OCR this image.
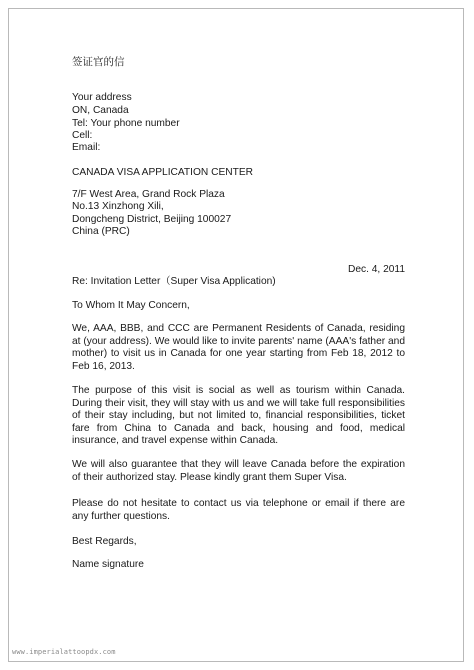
签证官的信
Your address
ON, Canada
Tel: Your phone number
Cell:
Email:
CANADA VISA APPLICATION CENTER
7/F West Area, Grand Rock Plaza
No.13 Xinzhong Xili,
Dongcheng District, Beijing 100027
China (PRC)
Dec. 4, 2011
Re: Invitation Letter（Super Visa Application)
To Whom It May Concern,
We, AAA, BBB, and CCC are Permanent Residents of Canada, residing at (your address). We would like to invite parents' name (AAA's father and mother) to visit us in Canada for one year starting from Feb 18, 2012 to Feb 16, 2013.
The purpose of this visit is social as well as tourism within Canada. During their visit, they will stay with us and we will take full responsibilities of their stay including, but not limited to, financial responsibilities, ticket fare from China to Canada and back, housing and food, medical insurance, and travel expense within Canada.
We will also guarantee that they will leave Canada before the expiration of their authorized stay. Please kindly grant them Super Visa.
Please do not hesitate to contact us via telephone or email if there are any further questions.
Best Regards,
Name signature
www.imperialattoopdx.com
